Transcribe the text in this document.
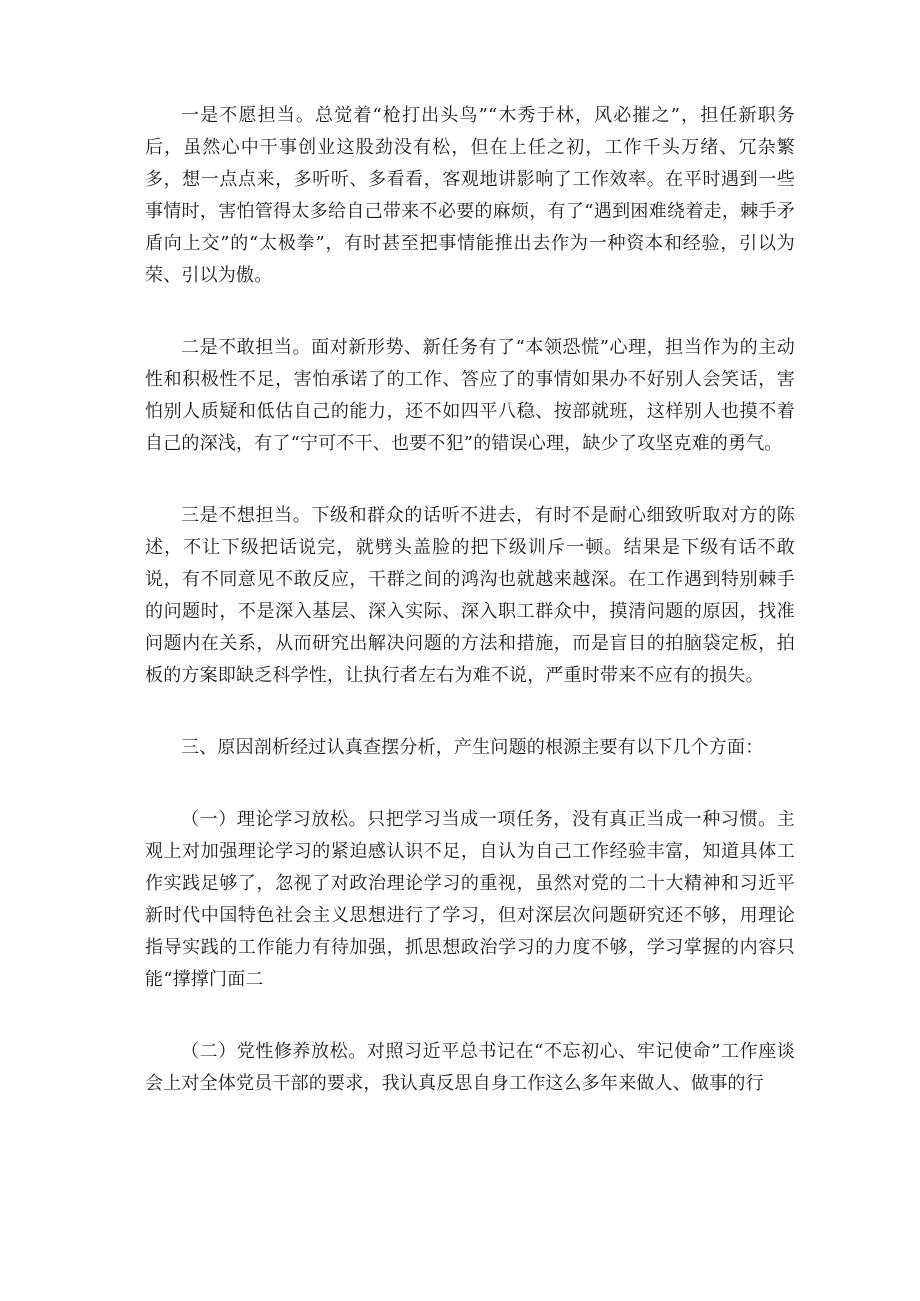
一是不愿担当。总觉着“枪打出头鸟”“木秀于林，风必摧之”，担任新职务后，虽然心中干事创业这股劲没有松，但在上任之初，工作千头万绪、冗杂繁多，想一点点来，多听听、多看看，客观地讲影响了工作效率。在平时遇到一些事情时，害怕管得太多给自己带来不必要的麻烦，有了“遇到困难绕着走，棘手矛盾向上交”的“太极拳”，有时甚至把事情能推出去作为一种资本和经验，引以为荣、引以为傲。

二是不敢担当。面对新形势、新任务有了“本领恐慌”心理，担当作为的主动性和积极性不足，害怕承诺了的工作、答应了的事情如果办不好别人会笑话，害怕别人质疑和低估自己的能力，还不如四平八稳、按部就班，这样别人也摸不着自己的深浅，有了“宁可不干、也要不犯”的错误心理，缺少了攻坚克难的勇气。

三是不想担当。下级和群众的话听不进去，有时不是耐心细致听取对方的陈述，不让下级把话说完，就劈头盖脸的把下级训斥一顿。结果是下级有话不敢说，有不同意见不敢反应，干群之间的鸿沟也就越来越深。在工作遇到特别棘手的问题时，不是深入基层、深入实际、深入职工群众中，摸清问题的原因，找准问题内在关系，从而研究出解决问题的方法和措施，而是盲目的拍脑袋定板，拍板的方案即缺乏科学性，让执行者左右为难不说，严重时带来不应有的损失。

三、原因剖析经过认真查摆分析，产生问题的根源主要有以下几个方面：

（一）理论学习放松。只把学习当成一项任务，没有真正当成一种习惯。主观上对加强理论学习的紧迫感认识不足，自认为自己工作经验丰富，知道具体工作实践足够了，忽视了对政治理论学习的重视，虽然对党的二十大精神和习近平新时代中国特色社会主义思想进行了学习，但对深层次问题研究还不够，用理论指导实践的工作能力有待加强，抓思想政治学习的力度不够，学习掌握的内容只能“撑撑门面二

（二）党性修养放松。对照习近平总书记在“不忘初心、牢记使命”工作座谈会上对全体党员干部的要求，我认真反思自身工作这么多年来做人、做事的行
